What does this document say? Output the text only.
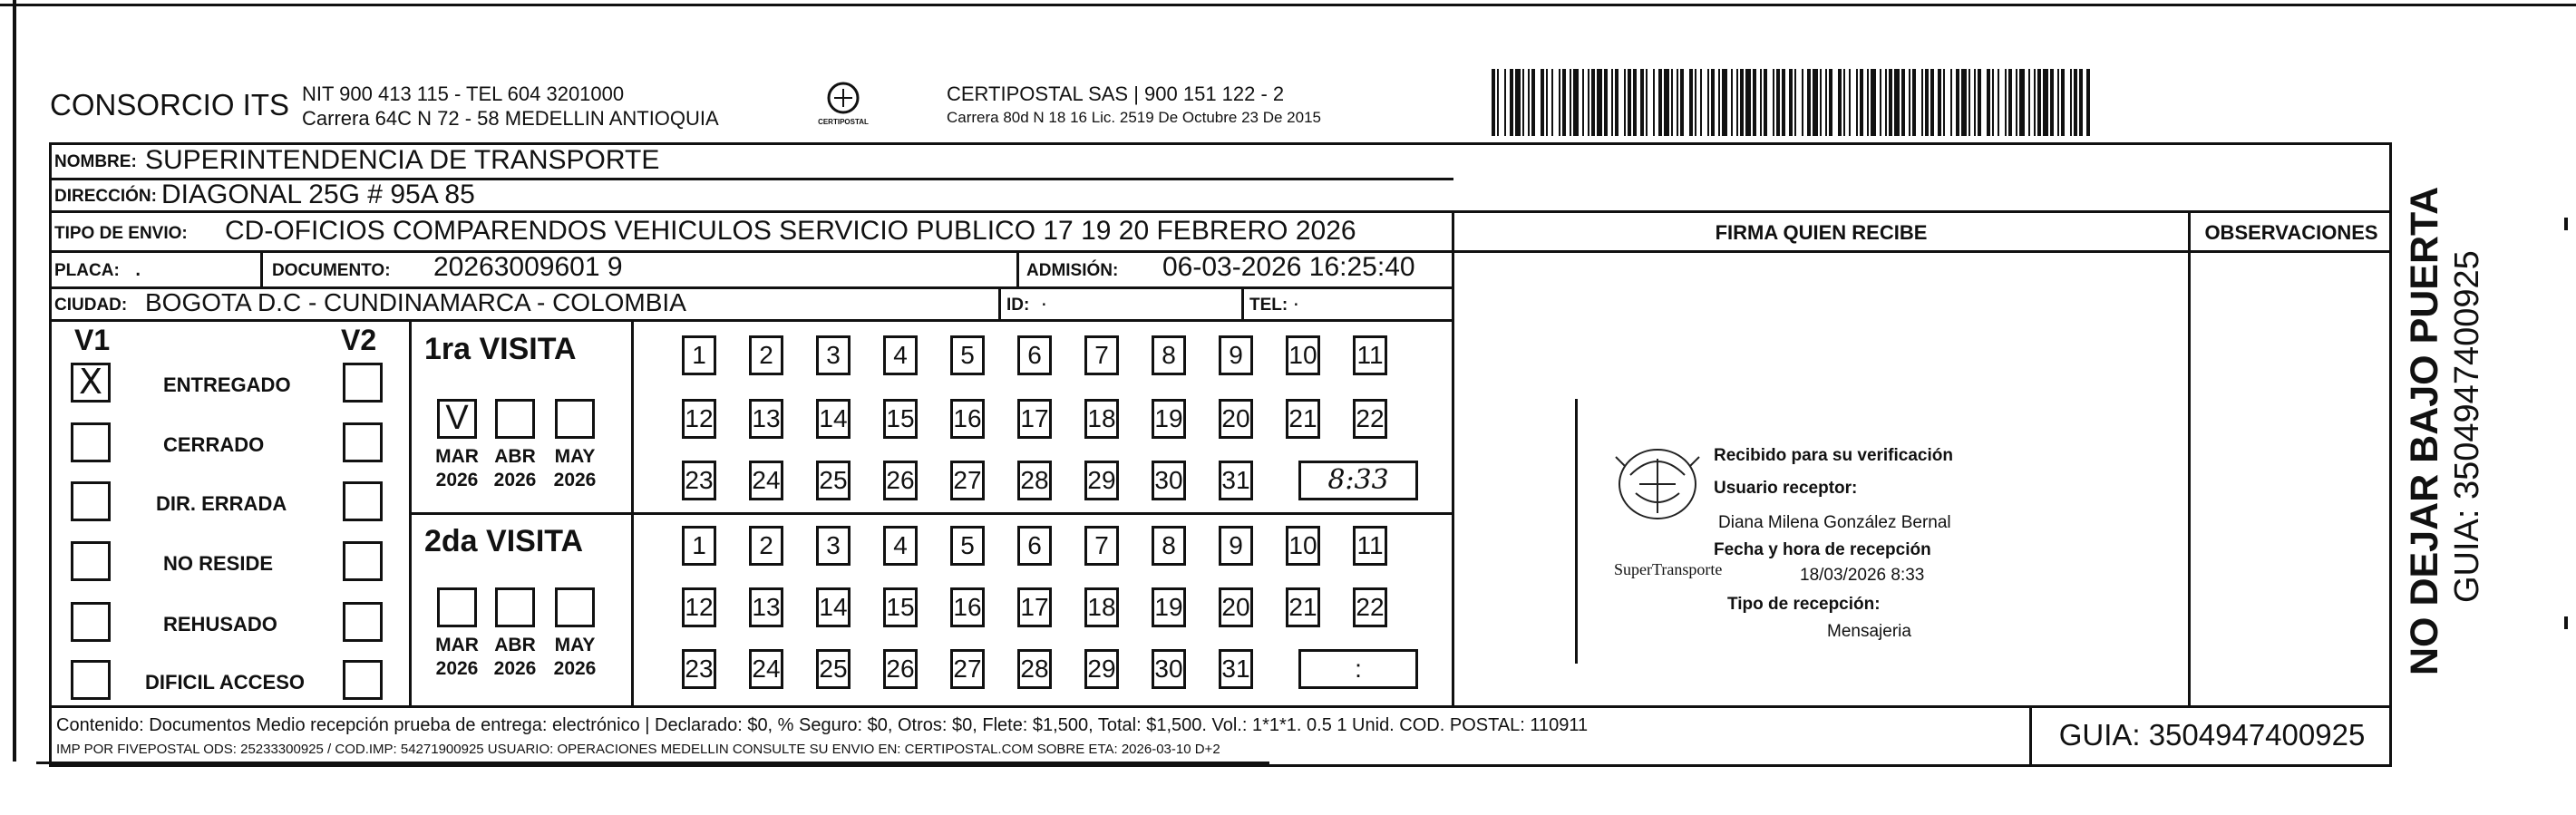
CONSORCIO ITS NIT 900 413 115 - TEL 604 3201000
Carrera 64C N 72 - 58 MEDELLIN ANTIOQUIA	CERTIPOSTAL
CERTIPOSTAL SAS | 900 151 122 - 2
Carrera 80d N 18 16 Lic. 2519 De Octubre 23 De 2015
NOMBRE: SUPERINTENDENCIA DE TRANSPORTE
DIRECCIÓN: DIAGONAL 25G # 95A 85
TIPO DE ENVIO: CD-OFICIOS COMPARENDOS VEHICULOS SERVICIO PUBLICO 17 19 20 FEBRERO 2026
PLACA: .	DOCUMENTO: 20263009601 9	ADMISIÓN: 06-03-2026 16:25:40
CIUDAD: BOGOTA D.C - CUNDINAMARCA - COLOMBIA	ID: .	TEL: .
V1	V2 1ra VISITA
2da VISITA
FIRMA QUIEN RECIBE	OBSERVACIONES
SuperTransporte
Recibido para su verificación
Usuario receptor:
Diana Milena González Bernal
Fecha y hora de recepción
18/03/2026 8:33
Tipo de recepción:
Mensajeria
Contenido: Documentos Medio recepción prueba de entrega: electrónico | Declarado: $0, % Seguro: $0, Otros: $0, Flete: $1,500, Total: $1,500. Vol.: 1*1*1. 0.5 1 Unid. COD. POSTAL: 110911
IMP POR FIVEPOSTAL ODS: 25233300925 / COD.IMP: 54271900925 USUARIO: OPERACIONES MEDELLIN CONSULTE SU ENVIO EN: CERTIPOSTAL.COM SOBRE ETA: 2026-03-10 D+2	GUIA: 3504947400925
NO DEJAR BAJO PUERTA GUIA: 3504947400925
X	ENTREGADO
CERRADO
DIR. ERRADA
NO RESIDE
REHUSADO
DIFICIL ACCESO
V
MAR
2026
ABR
2026
MAY
2026
MAR
2026
ABR
2026
MAY
2026
1	2	3	4	5	6	7	8	9	10 11
12 13 14 15 16 17 18 19 20 21 22
23 24 25 26 27 28 29 30 31	8:33
1	2	3	4	5	6	7	8	9	10 11
12 13 14 15 16 17 18 19 20 21 22
23 24 25 26 27 28 29 30 31	:
